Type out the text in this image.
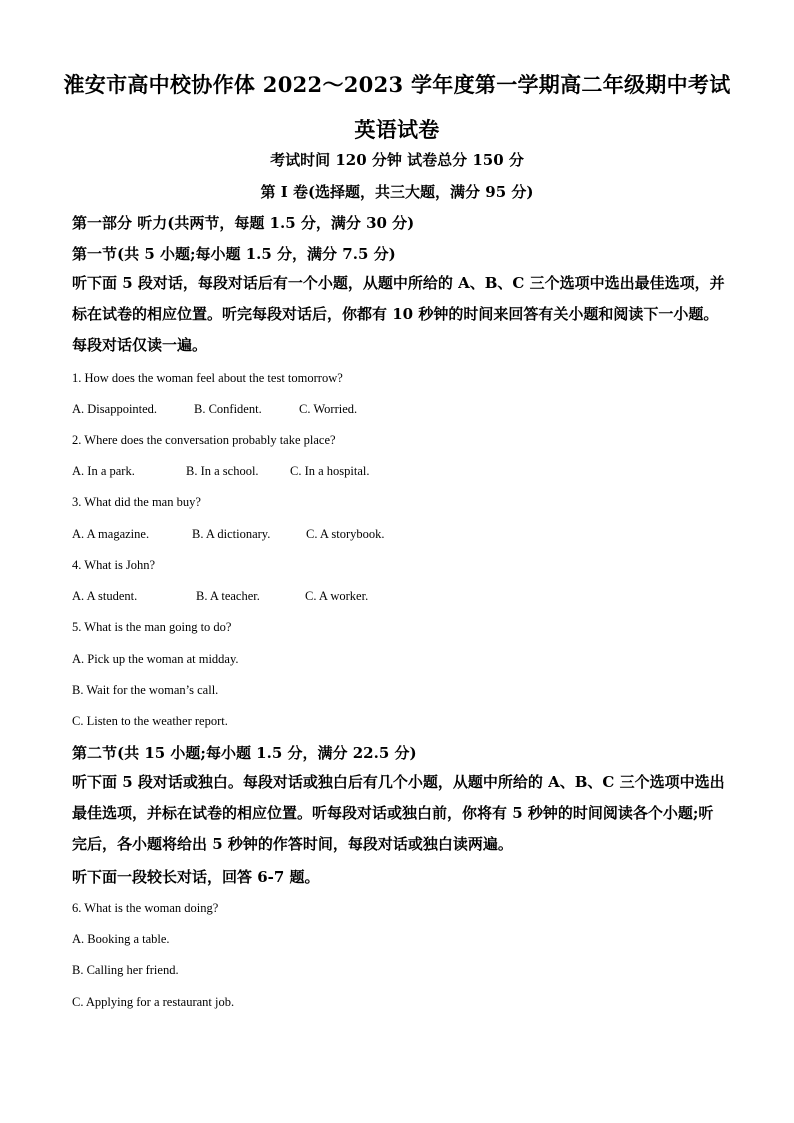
淮安市高中校协作体 2022～2023 学年度第一学期高二年级期中考试
英语试卷
考试时间 120 分钟 试卷总分 150 分
第 I 卷(选择题，共三大题，满分 95 分)
第一部分 听力(共两节，每题 1.5 分，满分 30 分)
第一节(共 5 小题;每小题 1.5 分，满分 7.5 分)
听下面 5 段对话，每段对话后有一个小题，从题中所给的 A、B、C 三个选项中选出最佳选项，并标在试卷的相应位置。听完每段对话后，你都有 10 秒钟的时间来回答有关小题和阅读下一小题。每段对话仅读一遍。
1. How does the woman feel about the test tomorrow?
A. Disappointed.	B. Confident.	C. Worried.
2. Where does the conversation probably take place?
A. In a park.	B. In a school.	C. In a hospital.
3. What did the man buy?
A. A magazine.	B. A dictionary.	C. A storybook.
4. What is John?
A. A student.	B. A teacher.	C. A worker.
5. What is the man going to do?
A. Pick up the woman at midday.
B. Wait for the woman’s call.
C. Listen to the weather report.
第二节(共 15 小题;每小题 1.5 分，满分 22.5 分)
听下面 5 段对话或独白。每段对话或独白后有几个小题，从题中所给的 A、B、C 三个选项中选出最佳选项，并标在试卷的相应位置。听每段对话或独白前，你将有 5 秒钟的时间阅读各个小题;听完后，各小题将给出 5 秒钟的作答时间，每段对话或独白读两遍。
听下面一段较长对话，回答 6-7 题。
6. What is the woman doing?
A. Booking a table.
B. Calling her friend.
C. Applying for a restaurant job.
